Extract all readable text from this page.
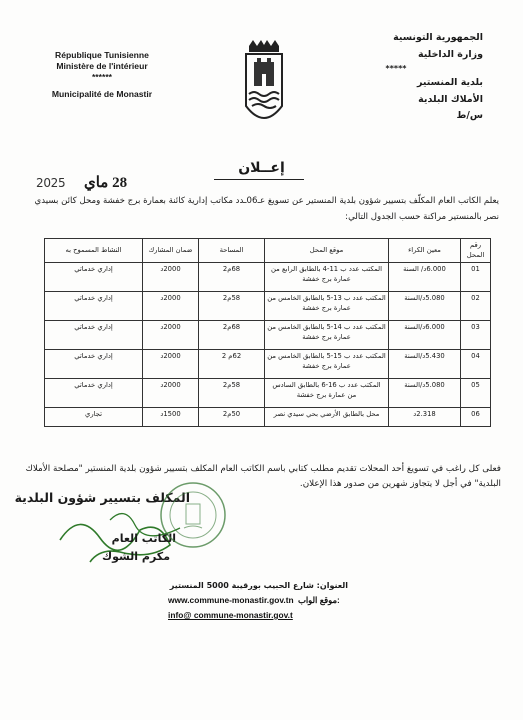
République Tunisienne
Ministère de l'intérieur
******
Municipalité de Monastir
الجمهورية التونسية
وزارة الداخلية
*****
بلدية المنستير
الأملاك البلدية
س/ط
2025 28 ماي
إعــلان
يعلم الكاتب العام المكلّف بتسيير شؤون بلدية المنستير عن تسويغ عـ06ـدد مكاتب إدارية كائنة بعمارة برج خفشة ومحل كائن بسيدي نصر بالمنستير مراكنة حسب الجدول التالي:
رقم المحل	معين الكراء	موقع المحل	المساحة	ضمان المشارك	النشاط المسموح به
01	6.000د/ السنة	المكتب عدد ب 11-4 بالطابق الرابع من عمارة برج خفشة	68م2	2000د	إداري خدماتي
02	5.080د/السنة	المكتب عدد ب 13-5 بالطابق الخامس من عمارة برج خفشة	58م2	2000د	إداري خدماتي
03	6.000د/السنة	المكتب عدد ب 14-5 بالطابق الخامس من عمارة برج خفشة	68م2	2000د	إداري خدماتي
04	5.430د/السنة	المكتب عدد ب 15-5 بالطابق الخامس من عمارة برج خفشة	62م 2	2000د	إداري خدماتي
05	5.080د/السنة	المكتب عدد ب 16-6 بالطابق السادس من عمارة برج خفشة	58م2	2000د	إداري خدماتي
06	2.318د	محل بالطابق الأرضي بحي سيدي نصر	50م2	1500د	تجاري
فعلى كل راغب في تسويغ أحد المحلات تقديم مطلب كتابي باسم الكاتب العام المكلف بتسيير شؤون بلدية المنستير "مصلحة الأملاك البلدية" في أجل لا يتجاوز شهرين من صدور هذا الإعلان.
المكلف بتسيير شؤون البلدية
الكاتب العام
مكرم الشوك
العنوان: شارع الحبيب بورقيبة 5000 المنستير
www.commune-monastir.gov.tn موقع الواب:
info@ commune-monastir.gov.t
